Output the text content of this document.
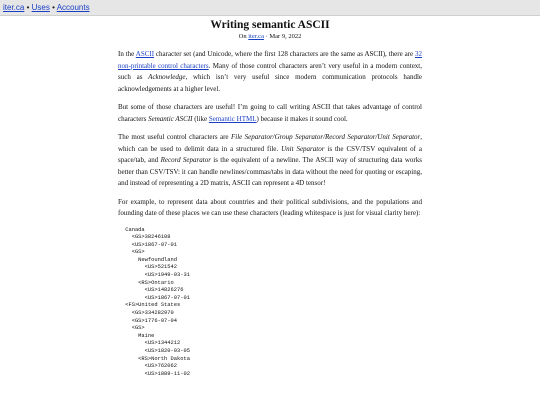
iter.ca • Uses • Accounts
Writing semantic ASCII
On iter.ca · Mar 9, 2022

In the ASCII character set (and Unicode, where the first 128 characters are the same as ASCII), there are 32 non-printable control characters. Many of those control characters aren’t very useful in a modern context, such as Acknowledge, which isn’t very useful since modern communication protocols handle acknowledgements at a higher level.

But some of those characters are useful! I’m going to call writing ASCII that takes advantage of control characters Semantic ASCII (like Semantic HTML) because it makes it sound cool.

The most useful control characters are File Separator/Group Separator/Record Separator/Unit Separator, which can be used to delimit data in a structured file. Unit Separator is the CSV/TSV equivalent of a space/tab, and Record Separator is the equivalent of a newline. The ASCII way of structuring data works better than CSV/TSV: it can handle newlines/commas/tabs in data without the need for quoting or escaping, and instead of representing a 2D matrix, ASCII can represent a 4D tensor!

For example, to represent data about countries and their political subdivisions, and the populations and founding date of these places we can use these characters (leading whitespace is just for visual clarity here):

Canada
<GS>38246108
<US>1867-07-01
<GS>
Newfoundland
<US>521542
<US>1949-03-31
<RS>Ontario
<US>14826276
<US>1867-07-01
<FS>United States
<GS>334282970
<GS>1776-07-04
<GS>
Maine
<US>1344212
<US>1820-03-05
<RS>North Dakota
<US>762062
<US>1889-11-02
